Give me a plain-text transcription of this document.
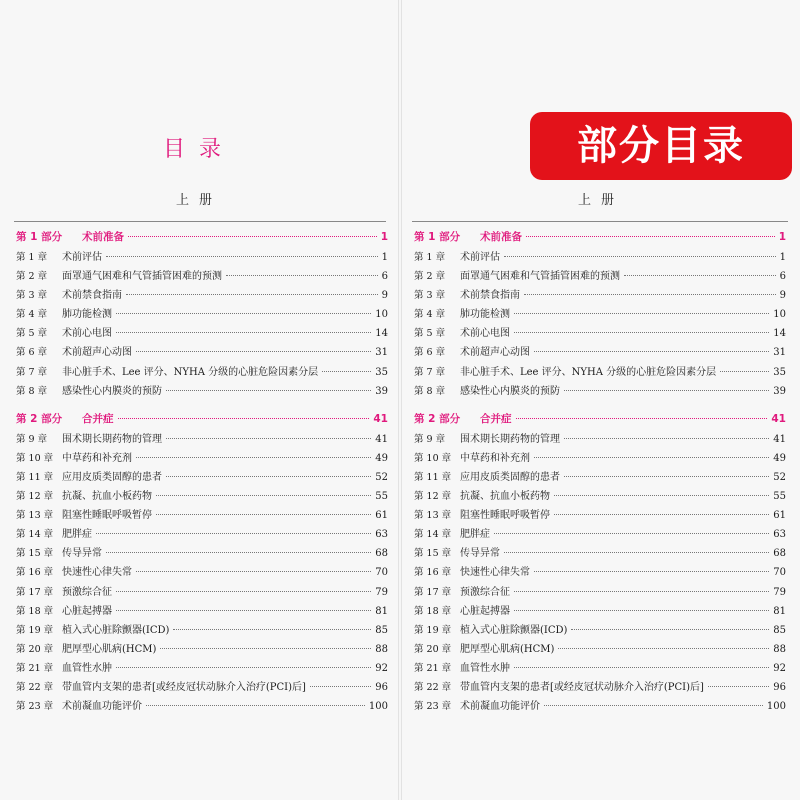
目录	部分目录
上册	上册
第 1 部分	术前准备	1
第 1 章	术前评估	1
第 2 章	面罩通气困难和气管插管困难的预测	6
第 3 章	术前禁食指南	9
第 4 章	肺功能检测	10
第 5 章	术前心电图	14
第 6 章	术前超声心动图	31
第 7 章	非心脏手术、Lee 评分、NYHA 分级的心脏危险因素分层	35
第 8 章	感染性心内膜炎的预防	39
第 2 部分	合并症	41
第 9 章	围术期长期药物的管理	41
第 10 章 中草药和补充剂	49
第 11 章 应用皮质类固醇的患者	52
第 12 章 抗凝、抗血小板药物	55
第 13 章 阻塞性睡眠呼吸暂停	61
第 14 章 肥胖症	63
第 15 章 传导异常	68
第 16 章 快速性心律失常	70
第 17 章 预激综合征	79
第 18 章 心脏起搏器	81
第 19 章 植入式心脏除颤器(ICD)	85
第 20 章 肥厚型心肌病(HCM)	88
第 21 章 血管性水肿	92
第 22 章 带血管内支架的患者[或经皮冠状动脉介入治疗(PCI)后]	96
第 23 章 术前凝血功能评价	100
第 1 部分	术前准备	1
第 1 章	术前评估	1
第 2 章	面罩通气困难和气管插管困难的预测	6
第 3 章	术前禁食指南	9
第 4 章	肺功能检测	10
第 5 章	术前心电图	14
第 6 章	术前超声心动图	31
第 7 章	非心脏手术、Lee 评分、NYHA 分级的心脏危险因素分层	35
第 8 章	感染性心内膜炎的预防	39
第 2 部分	合并症	41
第 9 章	围术期长期药物的管理	41
第 10 章 中草药和补充剂	49
第 11 章 应用皮质类固醇的患者	52
第 12 章 抗凝、抗血小板药物	55
第 13 章 阻塞性睡眠呼吸暂停	61
第 14 章 肥胖症	63
第 15 章 传导异常	68
第 16 章 快速性心律失常	70
第 17 章 预激综合征	79
第 18 章 心脏起搏器	81
第 19 章 植入式心脏除颤器(ICD)	85
第 20 章 肥厚型心肌病(HCM)	88
第 21 章 血管性水肿	92
第 22 章 带血管内支架的患者[或经皮冠状动脉介入治疗(PCI)后]	96
第 23 章 术前凝血功能评价	100
